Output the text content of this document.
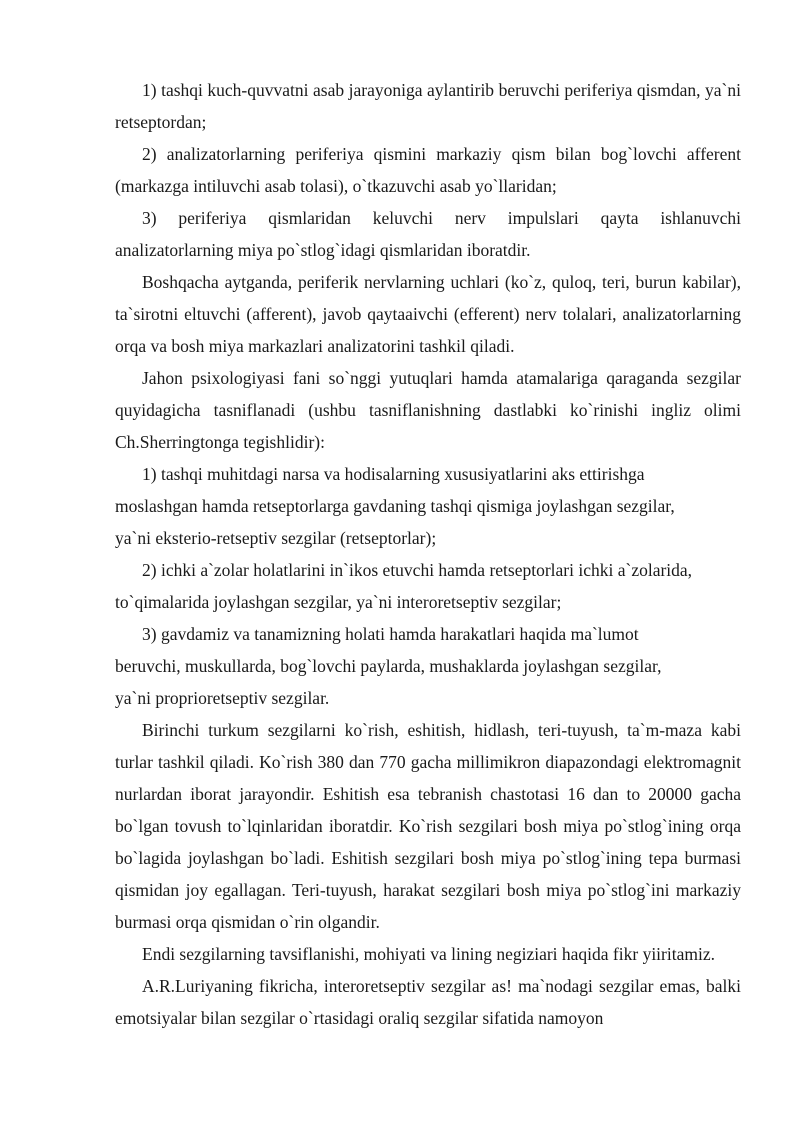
1) tashqi kuch-quvvatni asab jarayoniga aylantirib beruvchi periferiya qismdan, ya`ni retseptordan;

2) analizatorlarning periferiya qismini markaziy qism bilan bog`lovchi afferent (markazga intiluvchi asab tolasi), o`tkazuvchi asab yo`llaridan;

3) periferiya qismlaridan keluvchi nerv impulslari qayta ishlanuvchi analizatorlarning miya po`stlog`idagi qismlaridan iboratdir.

Boshqacha aytganda, periferik nervlarning uchlari (ko`z, quloq, teri, burun kabilar), ta`sirotni eltuvchi (afferent), javob qaytaaivchi (efferent) nerv tolalari, analizatorlarning orqa va bosh miya markazlari analizatorini tashkil qiladi.

Jahon psixologiyasi fani so`nggi yutuqlari hamda atamalariga qaraganda sezgilar quyidagicha tasniflanadi (ushbu tasniflanishning dastlabki ko`rinishi ingliz olimi Ch.Sherringtonga tegishlidir):

1) tashqi muhitdagi narsa va hodisalarning xususiyatlarini aks ettirishga
moslashgan hamda retseptorlarga gavdaning tashqi qismiga joylashgan sezgilar,
ya`ni eksterio-retseptiv sezgilar (retseptorlar);
2) ichki a`zolar holatlarini in`ikos etuvchi hamda retseptorlari ichki a`zolarida,
to`qimalarida joylashgan sezgilar, ya`ni interoretseptiv sezgilar;
3) gavdamiz va tanamizning holati hamda harakatlari haqida ma`lumot
beruvchi, muskullarda, bog`lovchi paylarda, mushaklarda joylashgan sezgilar,
ya`ni proprioretseptiv sezgilar.

Birinchi turkum sezgilarni ko`rish, eshitish, hidlash, teri-tuyush, ta`m-maza kabi turlar tashkil qiladi. Ko`rish 380 dan 770 gacha millimikron diapazondagi elektromagnit nurlardan iborat jarayondir. Eshitish esa tebranish chastotasi 16 dan to 20000 gacha bo`lgan tovush to`lqinlaridan iboratdir. Ko`rish sezgilari bosh miya po`stlog`ining orqa bo`lagida joylashgan bo`ladi. Eshitish sezgilari bosh miya po`stlog`ining tepa burmasi qismidan joy egallagan. Teri-tuyush, harakat sezgilari bosh miya po`stlog`ini markaziy burmasi orqa qismidan o`rin olgandir.

Endi sezgilarning tavsiflanishi, mohiyati va lining negiziari haqida fikr yiiritamiz.

A.R.Luriyaning fikricha, interoretseptiv sezgilar as! ma`nodagi sezgilar emas, balki emotsiyalar bilan sezgilar o`rtasidagi oraliq sezgilar sifatida namoyon
